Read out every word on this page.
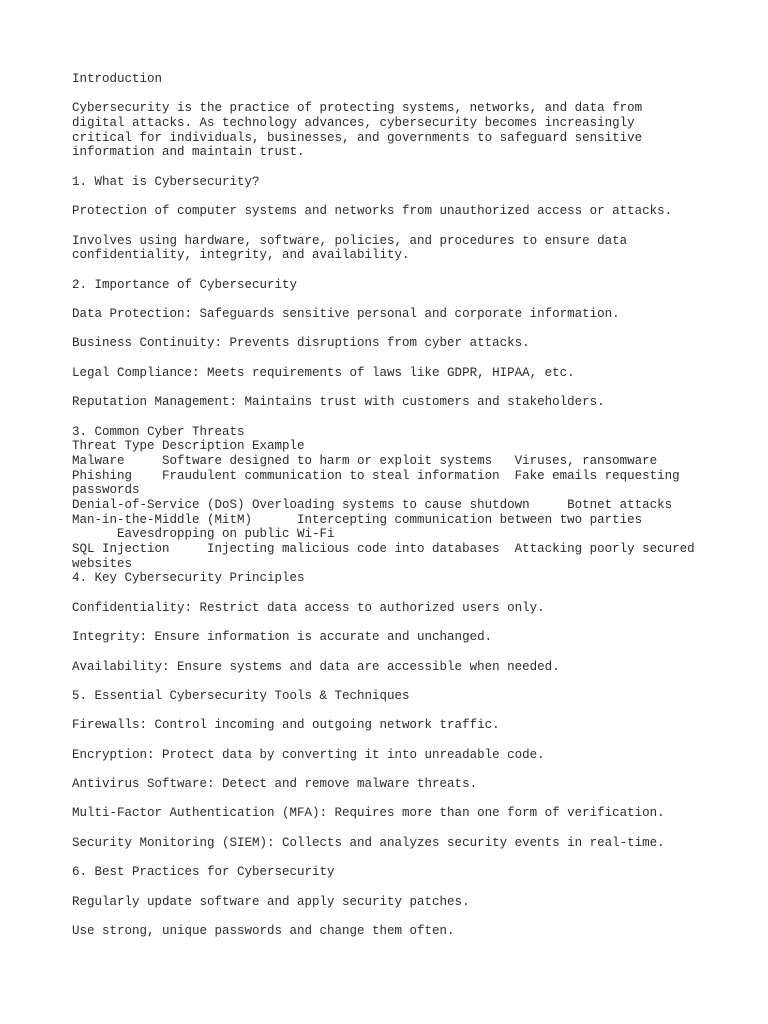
Introduction
Cybersecurity is the practice of protecting systems, networks, and data from
digital attacks. As technology advances, cybersecurity becomes increasingly
critical for individuals, businesses, and governments to safeguard sensitive
information and maintain trust.
1. What is Cybersecurity?
Protection of computer systems and networks from unauthorized access or attacks.
Involves using hardware, software, policies, and procedures to ensure data
confidentiality, integrity, and availability.
2. Importance of Cybersecurity
Data Protection: Safeguards sensitive personal and corporate information.
Business Continuity: Prevents disruptions from cyber attacks.
Legal Compliance: Meets requirements of laws like GDPR, HIPAA, etc.
Reputation Management: Maintains trust with customers and stakeholders.
3. Common Cyber Threats
Threat Type Description Example
Malware     Software designed to harm or exploit systems   Viruses, ransomware
Phishing    Fraudulent communication to steal information  Fake emails requesting
passwords
Denial-of-Service (DoS) Overloading systems to cause shutdown     Botnet attacks
Man-in-the-Middle (MitM)      Intercepting communication between two parties
Eavesdropping on public Wi-Fi
SQL Injection     Injecting malicious code into databases  Attacking poorly secured
websites
4. Key Cybersecurity Principles
Confidentiality: Restrict data access to authorized users only.
Integrity: Ensure information is accurate and unchanged.
Availability: Ensure systems and data are accessible when needed.
5. Essential Cybersecurity Tools & Techniques
Firewalls: Control incoming and outgoing network traffic.
Encryption: Protect data by converting it into unreadable code.
Antivirus Software: Detect and remove malware threats.
Multi-Factor Authentication (MFA): Requires more than one form of verification.
Security Monitoring (SIEM): Collects and analyzes security events in real-time.
6. Best Practices for Cybersecurity
Regularly update software and apply security patches.
Use strong, unique passwords and change them often.
